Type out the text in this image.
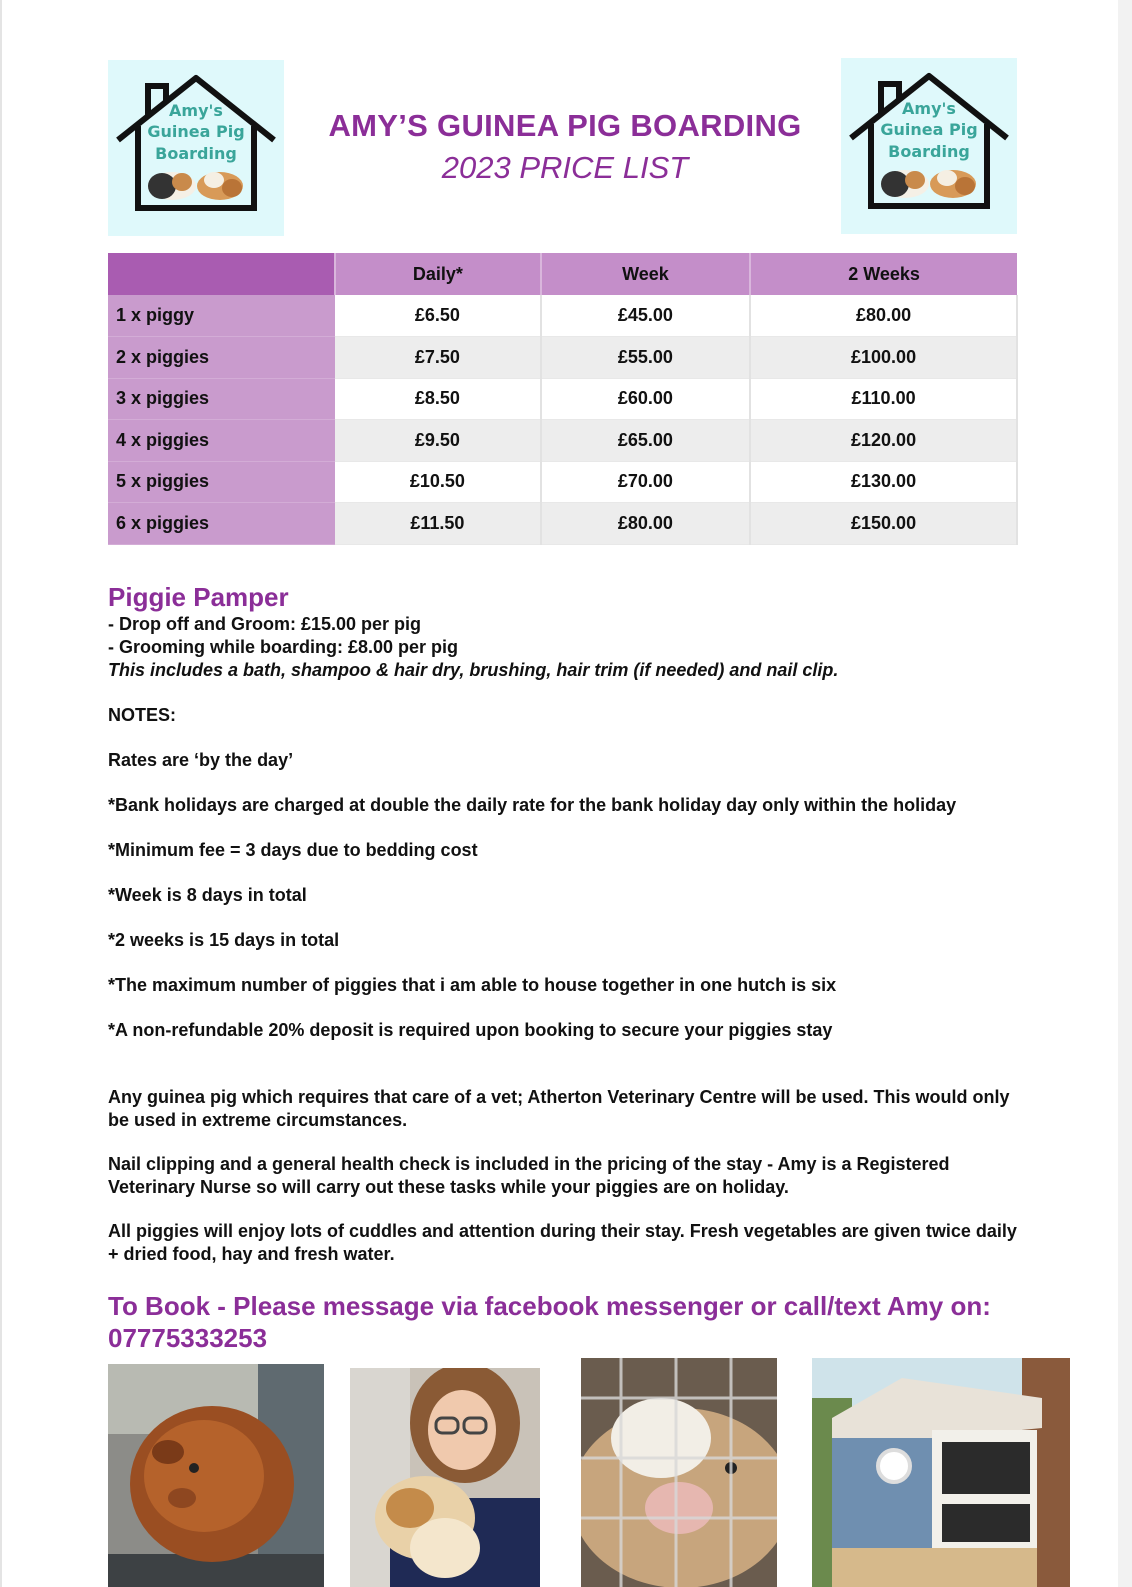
Amy's
Guinea Pig
Boarding
Amy's
Guinea Pig
Boarding
AMY’S GUINEA PIG BOARDING
2023 PRICE LIST
	Daily*	Week	2 Weeks
1 x piggy	£6.50	£45.00	£80.00
2 x piggies	£7.50	£55.00	£100.00
3 x piggies	£8.50	£60.00	£110.00
4 x piggies	£9.50	£65.00	£120.00
5 x piggies	£10.50	£70.00	£130.00
6 x piggies	£11.50	£80.00	£150.00
Piggie Pamper
- Drop off and Groom: £15.00 per pig
- Grooming while boarding: £8.00 per pig
This includes a bath, shampoo & hair dry, brushing, hair trim (if needed) and nail clip.

NOTES:

Rates are ‘by the day’

*Bank holidays are charged at double the daily rate for the bank holiday day only within the holiday

*Minimum fee = 3 days due to bedding cost

*Week is 8 days in total

*2 weeks is 15 days in total

*The maximum number of piggies that i am able to house together in one hutch is six

*A non-refundable 20% deposit is required upon booking to secure your piggies stay

Any guinea pig which requires that care of a vet; Atherton Veterinary Centre will be used. This would only be used in extreme circumstances.
Nail clipping and a general health check is included in the pricing of the stay - Amy is a Registered Veterinary Nurse so will carry out these tasks while your piggies are on holiday.
All piggies will enjoy lots of cuddles and attention during their stay. Fresh vegetables are given twice daily + dried food, hay and fresh water.
To Book - Please message via facebook messenger or call/text Amy on:
07775333253
